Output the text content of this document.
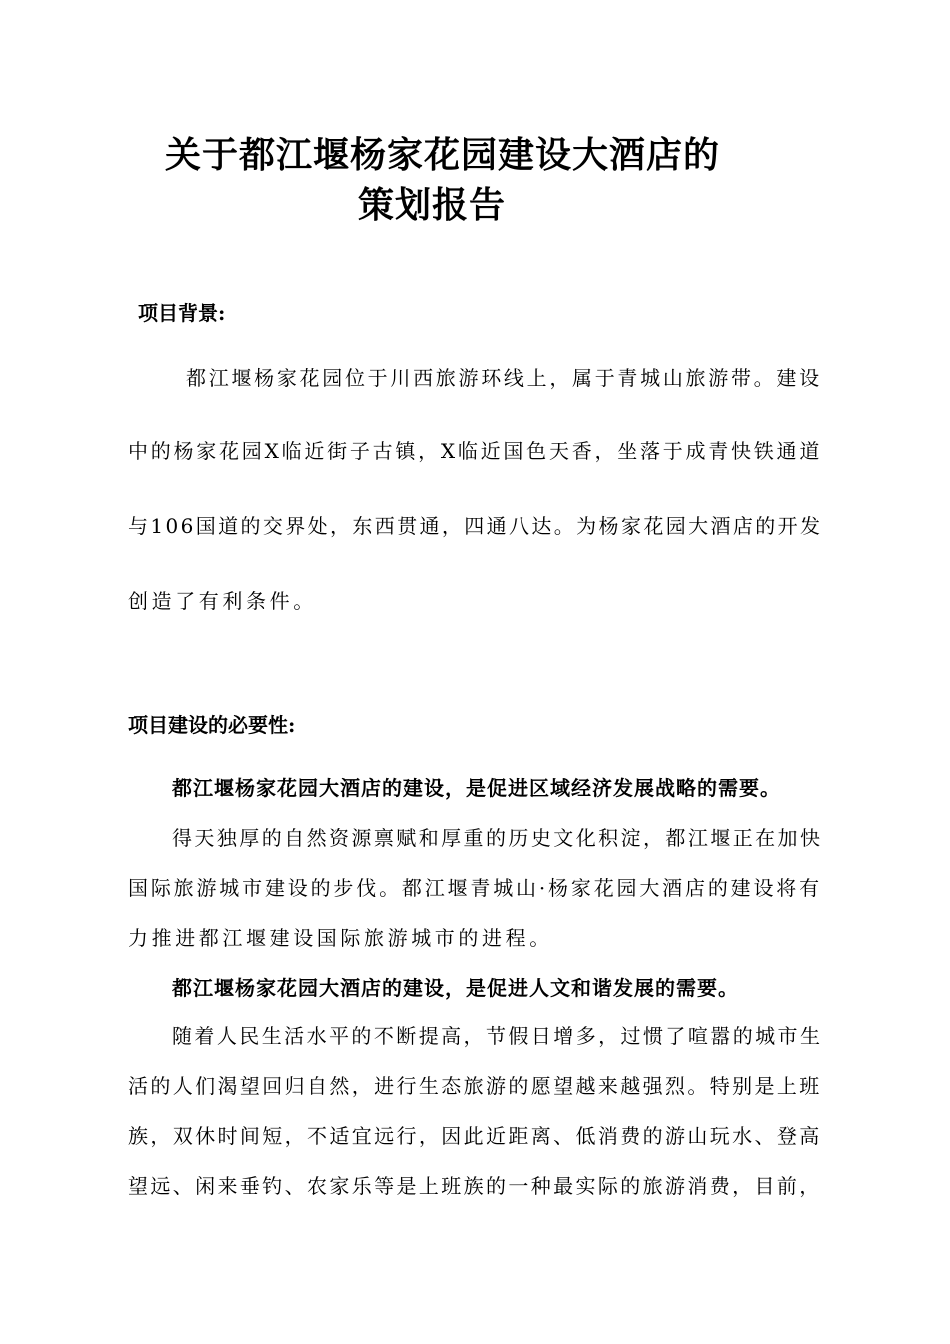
关于都江堰杨家花园建设大酒店的
策划报告
项目背景:
都江堰杨家花园位于川西旅游环线上，属于青城山旅游带。建设
中的杨家花园X临近街子古镇，X临近国色天香，坐落于成青快铁通道
与106国道的交界处，东西贯通，四通八达。为杨家花园大酒店的开发
创造了有利条件。
项目建设的必要性:
都江堰杨家花园大酒店的建设，是促进区域经济发展战略的需要。
得天独厚的自然资源禀赋和厚重的历史文化积淀，都江堰正在加快
国际旅游城市建设的步伐。都江堰青城山·杨家花园大酒店的建设将有
力推进都江堰建设国际旅游城市的进程。
都江堰杨家花园大酒店的建设，是促进人文和谐发展的需要。
随着人民生活水平的不断提高，节假日增多，过惯了喧嚣的城市生
活的人们渴望回归自然，进行生态旅游的愿望越来越强烈。特别是上班
族，双休时间短，不适宜远行，因此近距离、低消费的游山玩水、登高
望远、闲来垂钓、农家乐等是上班族的一种最实际的旅游消费，目前，
